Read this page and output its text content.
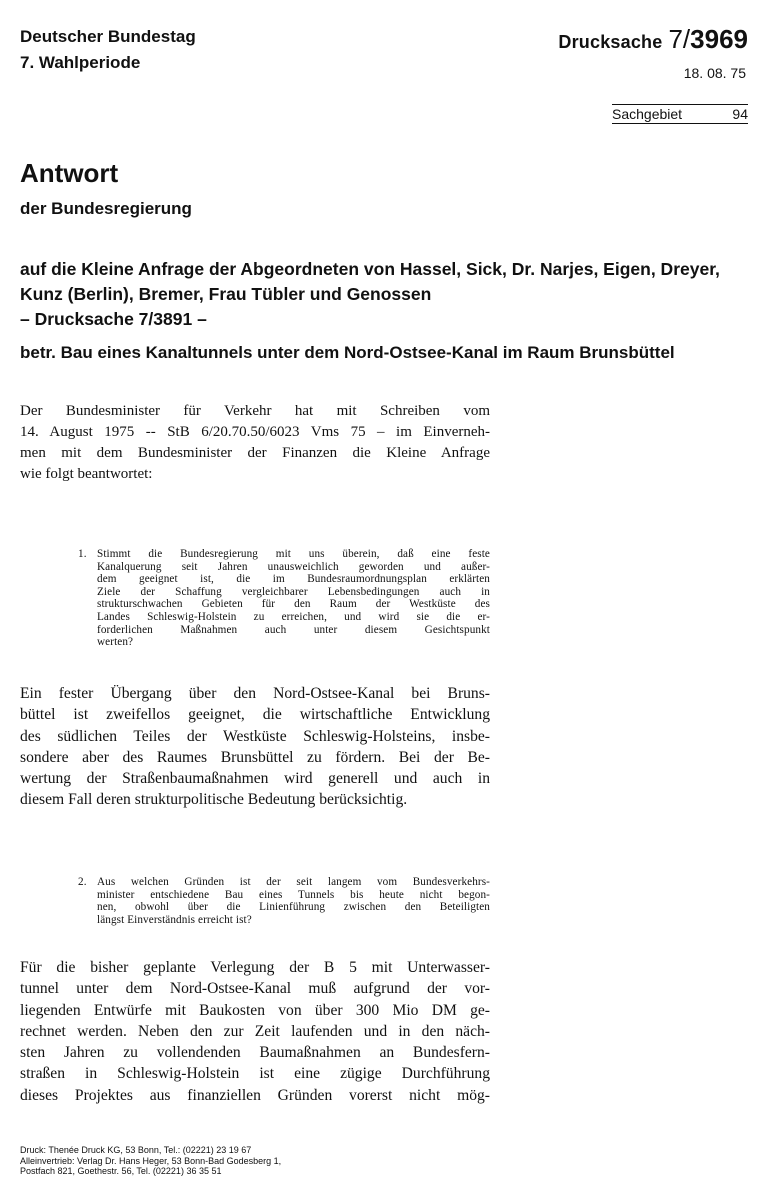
Deutscher Bundestag
7. Wahlperiode
Drucksache 7/3969
18. 08. 75
Sachgebiet	94
Antwort
der Bundesregierung
auf die Kleine Anfrage der Abgeordneten von Hassel, Sick, Dr. Narjes, Eigen, Dreyer,
Kunz (Berlin), Bremer, Frau Tübler und Genossen
– Drucksache 7/3891 –
betr. Bau eines Kanaltunnels unter dem Nord-Ostsee-Kanal im Raum Brunsbüttel
Der Bundesminister für Verkehr hat mit Schreiben vom
14. August 1975 -- StB 6/20.70.50/6023 Vms 75 – im Einverneh-
men mit dem Bundesminister der Finanzen die Kleine Anfrage
wie folgt beantwortet:
1. Stimmt die Bundesregierung mit uns überein, daß eine feste
Kanalquerung seit Jahren unausweichlich geworden und außer-
dem geeignet ist, die im Bundesraumordnungsplan erklärten
Ziele der Schaffung vergleichbarer Lebensbedingungen auch in
strukturschwachen Gebieten für den Raum der Westküste des
Landes Schleswig-Holstein zu erreichen, und wird sie die er-
forderlichen Maßnahmen auch unter diesem Gesichtspunkt
werten?
Ein fester Übergang über den Nord-Ostsee-Kanal bei Bruns-
büttel ist zweifellos geeignet, die wirtschaftliche Entwicklung
des südlichen Teiles der Westküste Schleswig-Holsteins, insbe-
sondere aber des Raumes Brunsbüttel zu fördern. Bei der Be-
wertung der Straßenbaumaßnahmen wird generell und auch in
diesem Fall deren strukturpolitische Bedeutung berücksichtig.
2. Aus welchen Gründen ist der seit langem vom Bundesverkehrs-
minister entschiedene Bau eines Tunnels bis heute nicht begon-
nen, obwohl über die Linienführung zwischen den Beteiligten
längst Einverständnis erreicht ist?
Für die bisher geplante Verlegung der B 5 mit Unterwasser-
tunnel unter dem Nord-Ostsee-Kanal muß aufgrund der vor-
liegenden Entwürfe mit Baukosten von über 300 Mio DM ge-
rechnet werden. Neben den zur Zeit laufenden und in den näch-
sten Jahren zu vollendenden Baumaßnahmen an Bundesfern-
straßen in Schleswig-Holstein ist eine zügige Durchführung
dieses Projektes aus finanziellen Gründen vorerst nicht mög-
Druck: Thenée Druck KG, 53 Bonn, Tel.: (02221) 23 19 67
Alleinvertrieb: Verlag Dr. Hans Heger, 53 Bonn-Bad Godesberg 1,
Postfach 821, Goethestr. 56, Tel. (02221) 36 35 51
